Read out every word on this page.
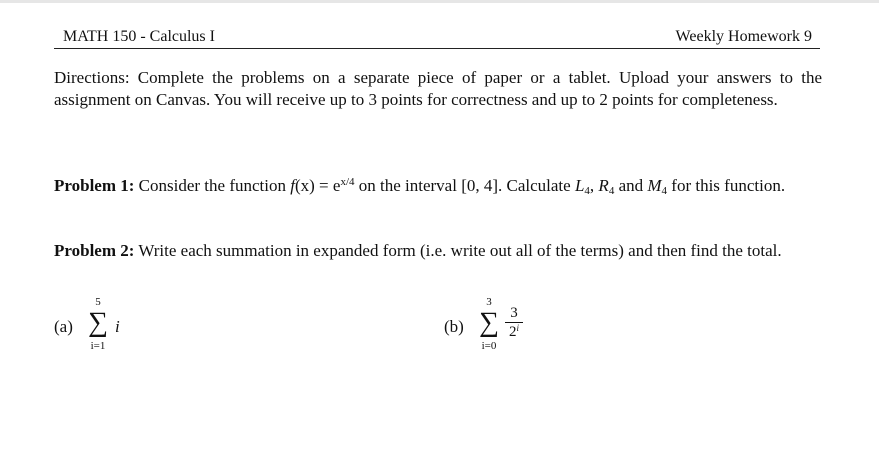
MATH 150 - Calculus I	Weekly Homework 9
Directions: Complete the problems on a separate piece of paper or a tablet. Upload your answers to the assignment on Canvas. You will receive up to 3 points for correctness and up to 2 points for completeness.
Problem 1: Consider the function $f(x) = e^{x/4}$ on the interval [0, 4]. Calculate $L_4$, $R_4$ and $M_4$ for this function.
Problem 2: Write each summation in expanded form (i.e. write out all of the terms) and then find the total.
(a)
5
∑
i=1
i	(b)
3
∑
i=0
3
2$^i$
